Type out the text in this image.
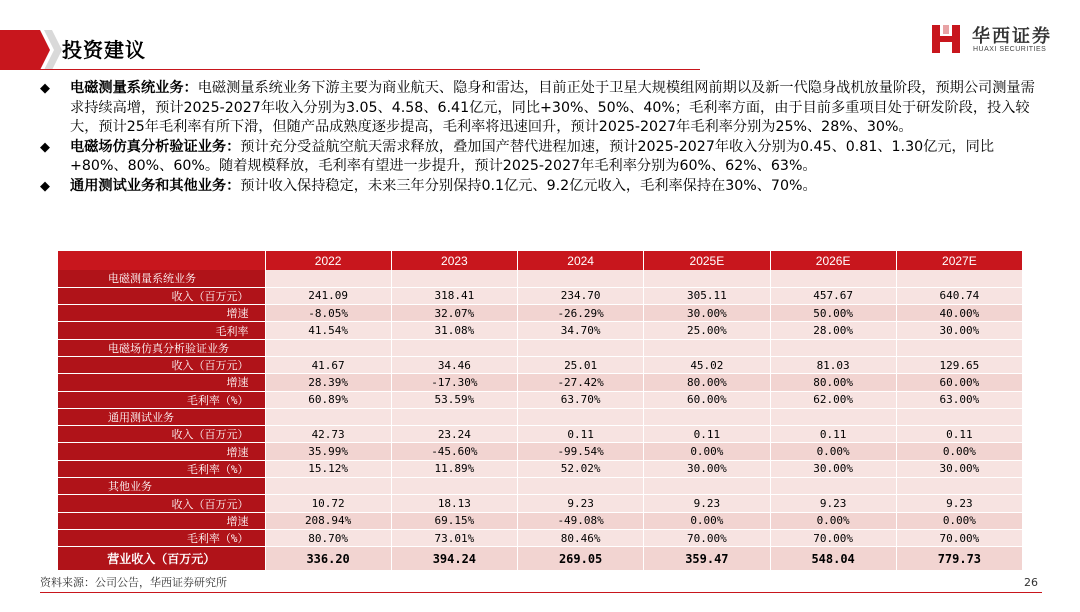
投资建议
华西证券
HUAXI SECURITIES
◆ 电磁测量系统业务：电磁测量系统业务下游主要为商业航天、隐身和雷达，目前正处于卫星大规模组网前期以及新一代隐身战机放量阶段，预期公司测量需求持续高增，预计2025-2027年收入分别为3.05、4.58、6.41亿元，同比+30%、50%、40%；毛利率方面，由于目前多重项目处于研发阶段，投入较大，预计25年毛利率有所下滑，但随产品成熟度逐步提高，毛利率将迅速回升，预计2025-2027年毛利率分别为25%、28%、30%。
◆ 电磁场仿真分析验证业务：预计充分受益航空航天需求释放，叠加国产替代进程加速，预计2025-2027年收入分别为0.45、0.81、1.30亿元，同比+80%、80%、60%。随着规模释放，毛利率有望进一步提升，预计2025-2027年毛利率分别为60%、62%、63%。
◆ 通用测试业务和其他业务：预计收入保持稳定，未来三年分别保持0.1亿元、9.2亿元收入，毛利率保持在30%、70%。
	2022	2023	2024	2025E	2026E	2027E
电磁测量系统业务						
收入（百万元）	241.09	318.41	234.70	305.11	457.67	640.74
增速	-8.05%	32.07%	-26.29%	30.00%	50.00%	40.00%
毛利率	41.54%	31.08%	34.70%	25.00%	28.00%	30.00%
电磁场仿真分析验证业务						
收入（百万元）	41.67	34.46	25.01	45.02	81.03	129.65
增速	28.39%	-17.30%	-27.42%	80.00%	80.00%	60.00%
毛利率（%）	60.89%	53.59%	63.70%	60.00%	62.00%	63.00%
通用测试业务						
收入（百万元）	42.73	23.24	0.11	0.11	0.11	0.11
增速	35.99%	-45.60%	-99.54%	0.00%	0.00%	0.00%
毛利率（%）	15.12%	11.89%	52.02%	30.00%	30.00%	30.00%
其他业务						
收入（百万元）	10.72	18.13	9.23	9.23	9.23	9.23
增速	208.94%	69.15%	-49.08%	0.00%	0.00%	0.00%
毛利率（%）	80.70%	73.01%	80.46%	70.00%	70.00%	70.00%
营业收入（百万元）	336.20	394.24	269.05	359.47	548.04	779.73
资料来源：公司公告，华西证券研究所	26
